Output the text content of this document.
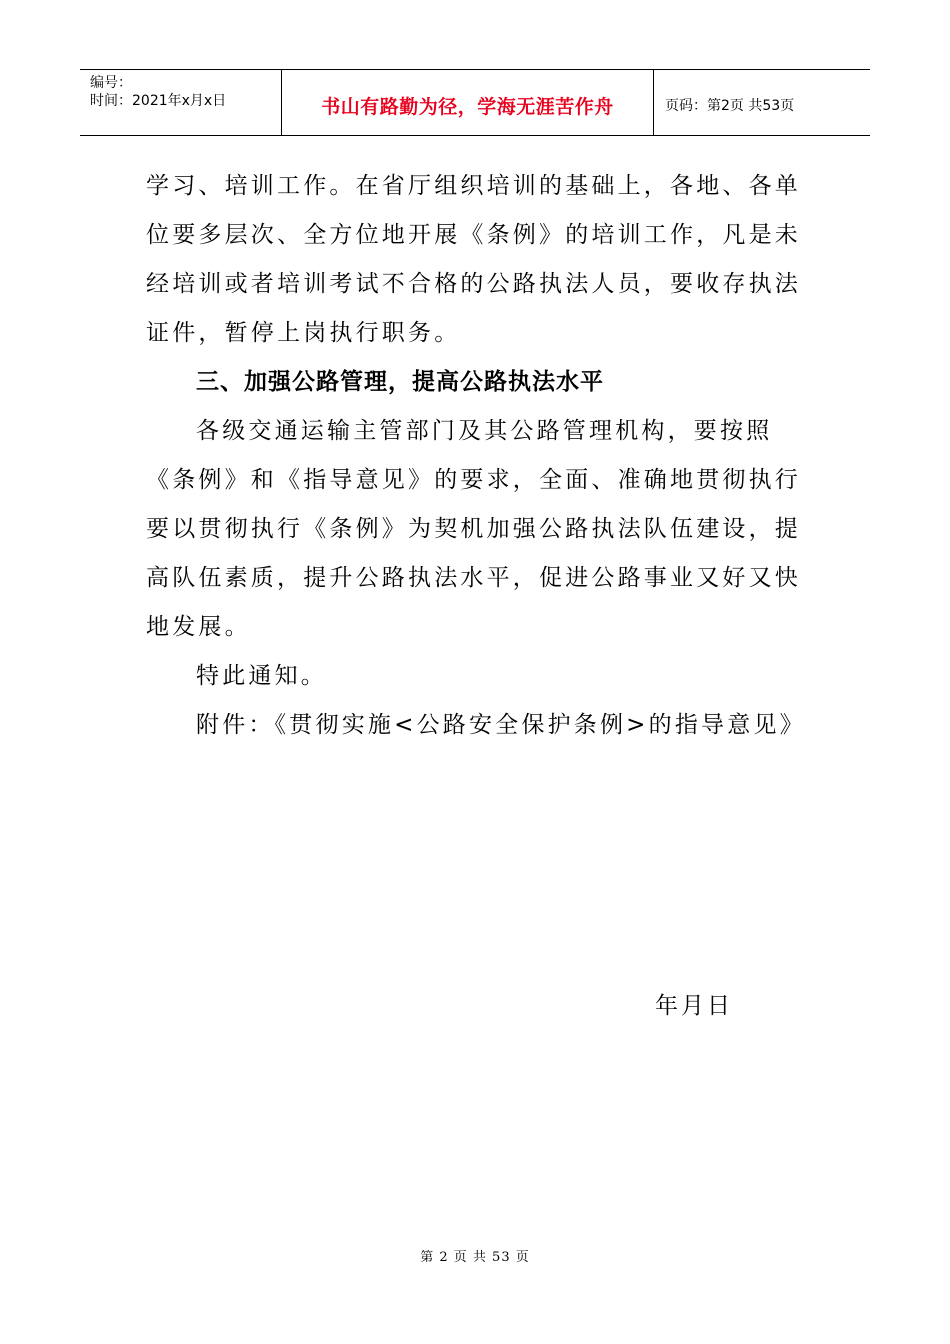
编号：
时间：2021年x月x日	书山有路勤为径，学海无涯苦作舟	页码：第2页 共53页
学习、培训工作。在省厅组织培训的基础上，各地、各单
位要多层次、全方位地开展《条例》的培训工作，凡是未
经培训或者培训考试不合格的公路执法人员，要收存执法
证件，暂停上岗执行职务。
三、加强公路管理，提高公路执法水平
各级交通运输主管部门及其公路管理机构，要按照
《条例》和《指导意见》的要求，全面、准确地贯彻执行
要以贯彻执行《条例》为契机加强公路执法队伍建设，提
高队伍素质，提升公路执法水平，促进公路事业又好又快
地发展。
特此通知。
附件：《贯彻实施<公路安全保护条例>的指导意见》
年月日
第 2 页 共 53 页
